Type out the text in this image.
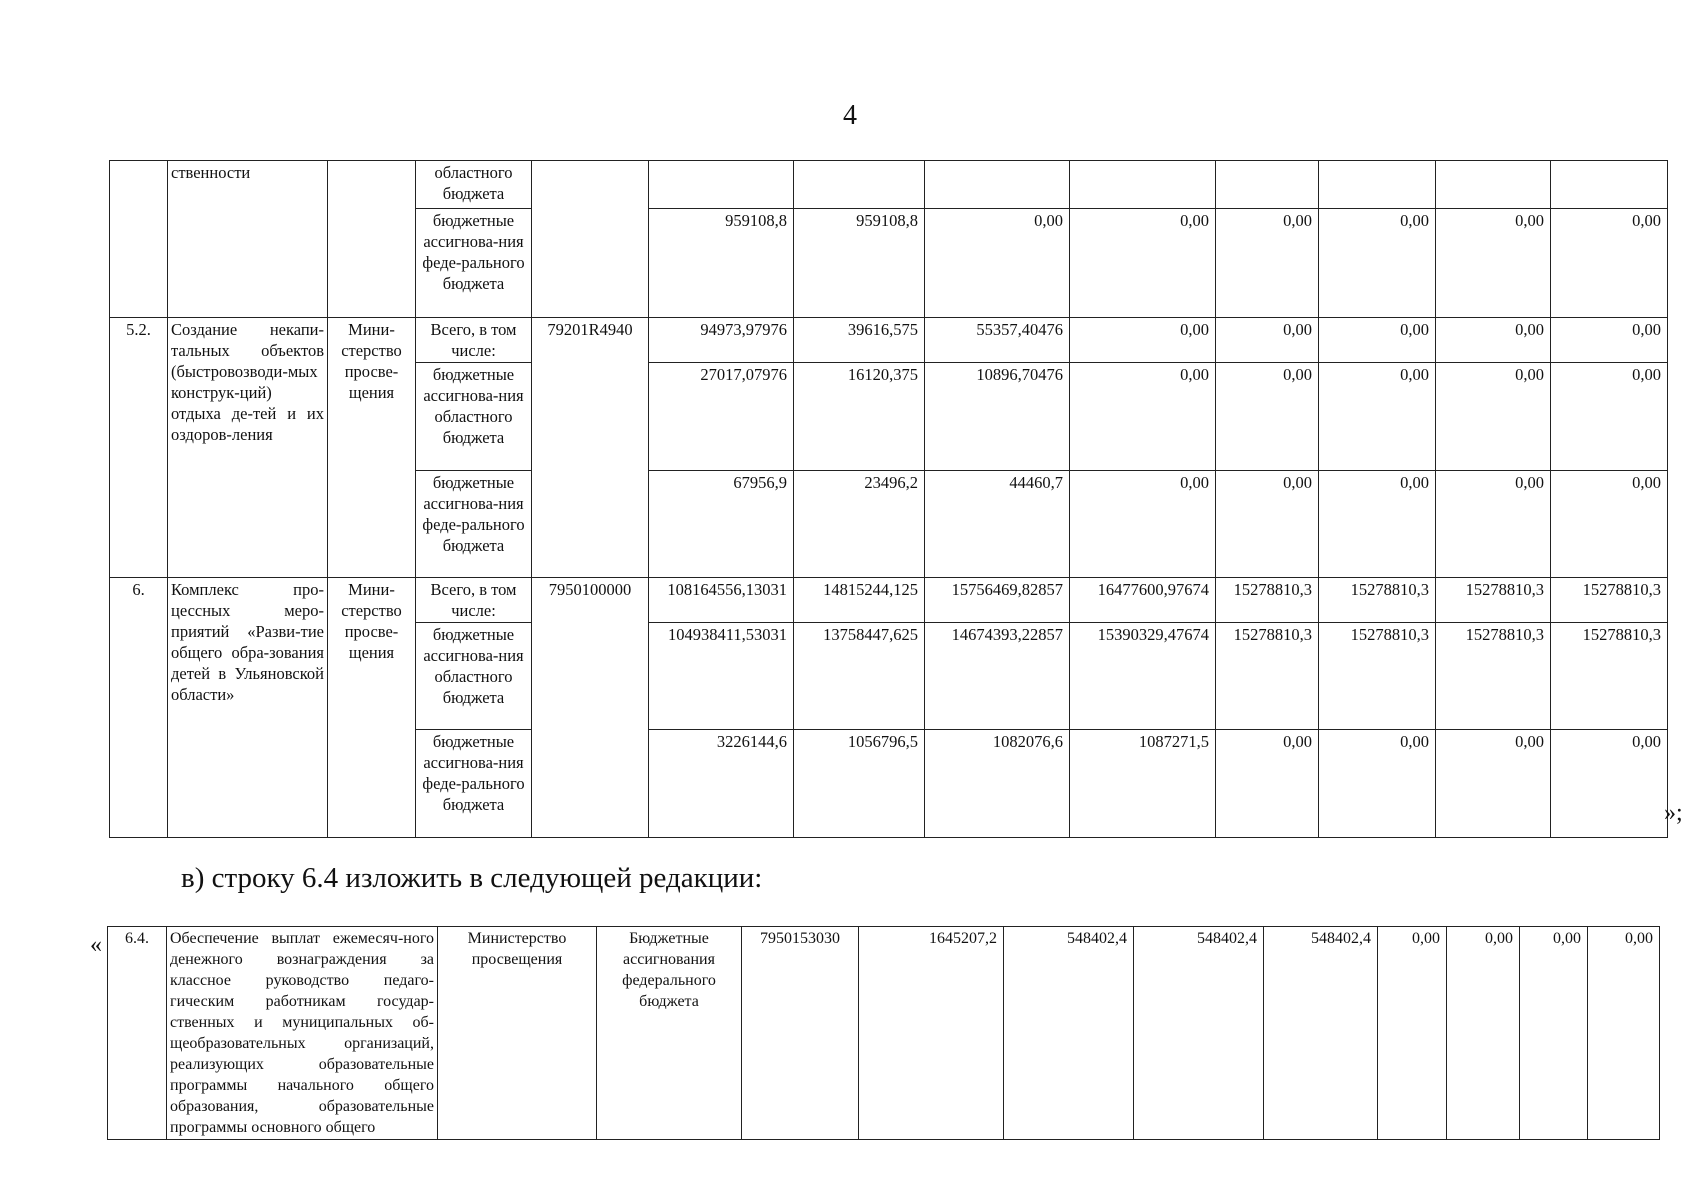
4
	ственности		областного бюджета									
			бюджетные ассигнова-ния феде-рального бюджета		959108,8	959108,8	0,00	0,00	0,00	0,00	0,00	0,00
5.2.	Создание некапи-тальных объектов (быстровозводи-мых конструк-ций) отдыха де-тей и их оздоров-ления	Мини-стерство просве-щения	Всего, в том числе:	79201R4940	94973,97976	39616,575	55357,40476	0,00	0,00	0,00	0,00	0,00
			бюджетные ассигнова-ния областного бюджета		27017,07976	16120,375	10896,70476	0,00	0,00	0,00	0,00	0,00
			бюджетные ассигнова-ния феде-рального бюджета		67956,9	23496,2	44460,7	0,00	0,00	0,00	0,00	0,00
6.	Комплекс про-цессных меро-приятий «Разви-тие общего обра-зования детей в Ульяновской области»	Мини-стерство просве-щения	Всего, в том числе:	7950100000	108164556,13031	14815244,125	15756469,82857	16477600,97674	15278810,3	15278810,3	15278810,3	15278810,3
			бюджетные ассигнова-ния областного бюджета		104938411,53031	13758447,625	14674393,22857	15390329,47674	15278810,3	15278810,3	15278810,3	15278810,3
			бюджетные ассигнова-ния феде-рального бюджета		3226144,6	1056796,5	1082076,6	1087271,5	0,00	0,00	0,00	0,00
»;
в) строку 6.4 изложить в следующей редакции:
« 6.4.	Обеспечение выплат ежемесяч-ного денежного вознаграждения за классное руководство педаго-гическим работникам государ-ственных и муниципальных об-щеобразовательных организаций, реализующих образовательные программы начального общего образования, образовательные программы основного общего	Министерство просвещения	Бюджетные ассигнования федерального бюджета	7950153030	1645207,2	548402,4	548402,4	548402,4	0,00	0,00	0,00	0,00
